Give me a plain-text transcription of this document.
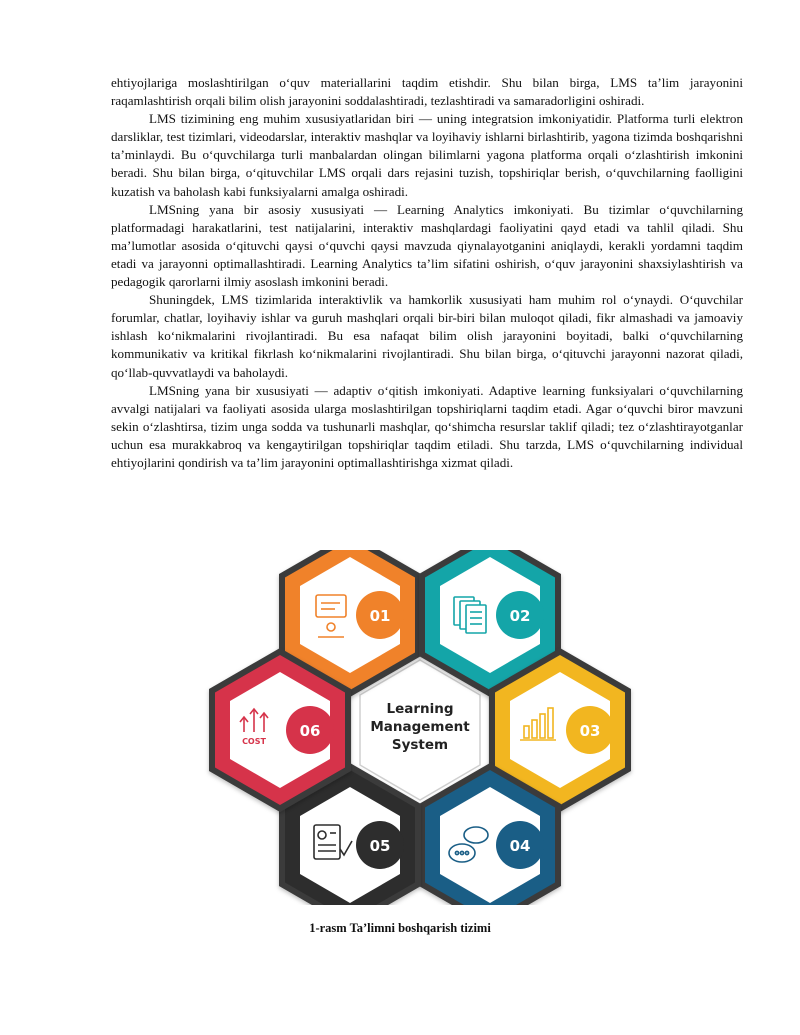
ehtiyojlariga moslashtirilgan oʻquv materiallarini taqdim etishdir. Shu bilan birga, LMS taʼlim jarayonini raqamlashtirish orqali bilim olish jarayonini soddalashtiradi, tezlashtiradi va samaradorligini oshiradi.

LMS tizimining eng muhim xususiyatlaridan biri — uning integratsion imkoniyatidir. Platforma turli elektron darsliklar, test tizimlari, videodarslar, interaktiv mashqlar va loyihaviy ishlarni birlashtirib, yagona tizimda boshqarishni taʼminlaydi. Bu oʻquvchilarga turli manbalardan olingan bilimlarni yagona platforma orqali oʻzlashtirish imkonini beradi. Shu bilan birga, oʻqituvchilar LMS orqali dars rejasini tuzish, topshiriqlar berish, oʻquvchilarning faolligini kuzatish va baholash kabi funksiyalarni amalga oshiradi.

LMSning yana bir asosiy xususiyati — Learning Analytics imkoniyati. Bu tizimlar oʻquvchilarning platformadagi harakatlarini, test natijalarini, interaktiv mashqlardagi faoliyatini qayd etadi va tahlil qiladi. Shu maʼlumotlar asosida oʻqituvchi qaysi oʻquvchi qaysi mavzuda qiynalayotganini aniqlaydi, kerakli yordamni taqdim etadi va jarayonni optimallashtiradi. Learning Analytics taʼlim sifatini oshirish, oʻquv jarayonini shaxsiylashtirish va pedagogik qarorlarni ilmiy asoslash imkonini beradi.

Shuningdek, LMS tizimlarida interaktivlik va hamkorlik xususiyati ham muhim rol oʻynaydi. Oʻquvchilar forumlar, chatlar, loyihaviy ishlar va guruh mashqlari orqali bir-biri bilan muloqot qiladi, fikr almashadi va jamoaviy ishlash koʻnikmalarini rivojlantiradi. Bu esa nafaqat bilim olish jarayonini boyitadi, balki oʻquvchilarning kommunikativ va kritikal fikrlash koʻnikmalarini rivojlantiradi. Shu bilan birga, oʻqituvchi jarayonni nazorat qiladi, qoʻllab-quvvatlaydi va baholaydi.

LMSning yana bir xususiyati — adaptiv oʻqitish imkoniyati. Adaptive learning funksiyalari oʻquvchilarning avvalgi natijalari va faoliyati asosida ularga moslashtirilgan topshiriqlarni taqdim etadi. Agar oʻquvchi biror mavzuni sekin oʻzlashtirsa, tizim unga sodda va tushunarli mashqlar, qoʻshimcha resurslar taklif qiladi; tez oʻzlashtirayotganlar uchun esa murakkabroq va kengaytirilgan topshiriqlar taqdim etiladi. Shu tarzda, LMS oʻquvchilarning individual ehtiyojlarini qondirish va taʼlim jarayonini optimallashtirishga xizmat qiladi.

Learning
Management
System
01	02
03
04
05
06
COST
1-rasm Taʼlimni boshqarish tizimi
